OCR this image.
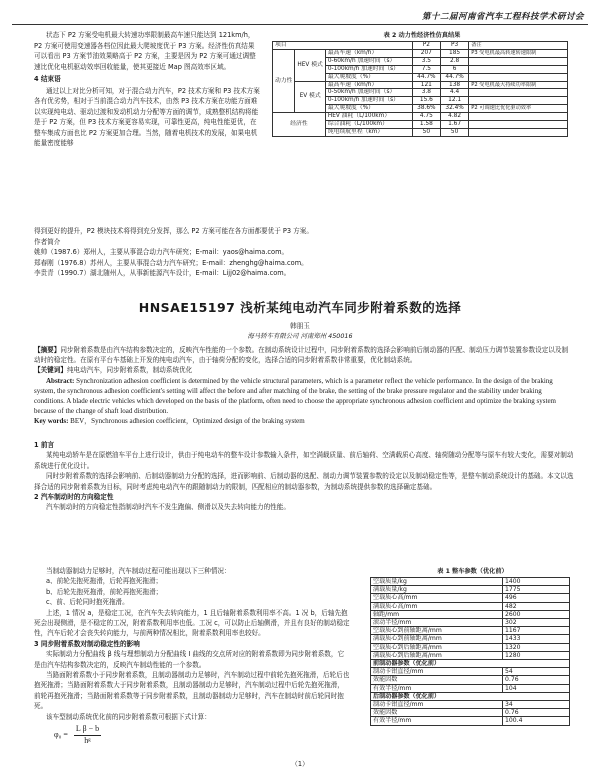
第十二届河南省汽车工程科技学术研讨会

状态下 P2 方案受电机最大转速功率限制最高车速只能达到 121km/h，P2 方案可使用变速器各档位因此最大爬坡度优于 P3 方案。经济性仿真结果可以看出 P3 方案节油效果略高于 P2 方案，主要是因为 P2 方案可通过调整速比优化电机驱动效率回收能量，使其更接近 Map 图高效率区域。

4 结束语

通过以上对比分析可知，对于混合动力汽车，P2 技术方案和 P3 技术方案各有优劣势，相对于当前混合动力汽车技术，由然 P3 技术方案在功能方面难以实现纯电动、驱动过渡和发动机动力分配等方面的调节，成熟整机结构将能是于 P2 方案，但 P3 技术方案更容易实现，可靠性更高，纯电性能更优，在整车集成方面也比 P2 方案更加合理。当然，随着电机技术的发展，如果电机能量密度能够

表 2 动力性经济性仿真结果
项目			P2	P3	备注
动力性	HEV 模式	最高车速（km/h）	207	185	P3 受电机最高转速转速限制
		0-60km/h 加速时间（s）	3.5	2.8	
		0-100km/h 加速时间（s）	7.5	6	
		最大爬坡度（%）	44.7%	44.7%	
	EV 模式	最高车速（km/h）	121	138	P2 受电机最大持续功率限制
		0-50km/h 加速时间（s）	3.8	4.4	
		0-100km/h 加速时间（s）	15.6	12.1	
		最大爬坡度（%）	38.6%	32.4%	P2 可调速比优化驱动效率
经济性		HEV 油耗（L/100km）	4.75	4.82	
		综合油耗（L/100km）	1.58	1.67	
		纯电续航里程（km）	50	50	

得到更好的提升，P2 模块技术将得到充分发挥，那么 P2 方案可能在各方面都要优于 P3 方案。

作者简介

姚帅（1987.6）郑州人，主要从事混合动力汽车研究；E-mail：yaos@haima.com。

郑春刚（1976.8）苏州人，主要从事混合动力汽车研究；E-mail：zhenghg@haima.com。

李贵青（1990.7）湖北随州人，从事新能源汽车设计，E-mail：Lijj02@haima.com。

HNSAE15197 浅析某纯电动汽车同步附着系数的选择
韩朋玉
海马轿车有限公司 河南郑州 450016

【摘要】同步附着系数是由汽车结构参数决定的，反映汽车性能的一个参数。在制动系统设计过程中，同步附着系数的选择会影响前后制动器的匹配、制动压力调节装置参数设定以及制动时的稳定性。在原有平台车基础上开发的纯电动汽车，由于轴荷分配的变化，选择合适的同步附着系数非常重要，优化制动系统。

【关键词】纯电动汽车，同步附着系数，制动系统优化

Abstract: Synchronization adhesion coefficient is determined by the vehicle structural parameters, which is a parameter reflect the vehicle performance. In the design of the braking system, the synchronous adhesion coefficient's setting will affect the before and after matching of the brake, the setting of the brake pressure regulator and the stability under braking conditions. A blade electric vehicles which developed on the basis of the platform, often need to choose the appropriate synchronous adhesion coefficient and optimize the braking system because of the change of shaft load distribution.

Key words: BEV，Synchronous adhesion coefficient，Optimized design of the braking system

1 前言

某纯电动轿车是在原燃油车平台上进行设计，供由于纯电动车的整车设计参数输入条件，如空满载质量、前后轴荷、空满载质心高度、轴荷随动分配等与原车有较大变化，需要对制动系统进行优化设计。

同时步附着系数的选择会影响前、后制动器制动力分配的选择，进而影响前、后制动器的选配、制动力调节装置参数的设定以及制动稳定性等，是整车制动系统设计的基础。本文以选择合适的同步附着系数为目标，同时考虑纯电动汽车的跟随制动力的限制，匹配相应的制动器参数，为制动系统提供参数的选择确定基础。

2 汽车制动时的方向稳定性

汽车制动时的方向稳定性指制动时汽车不发生跑偏、侧滑以及失去转向能力的性能。

当制动器制动力足够时，汽车制动过程可能出现以下三种情况：

a、前轮先抱死拖滑，后轮再抱死拖滑；

b、后轮先抱死拖滑，前轮再抱死拖滑；

c、前、后轮同时抱死拖滑。

上述，1 情况 a，是稳定工况，在汽车失去转向能力，1 且后轴附着系数利用率不高。1 况 b，后轴先抱死会出现侧滑，是不稳定的工况，附着系数利用率也低。工况 c，可以防止后轴侧滑，并且有良好的制动稳定性，汽车后轮才会丧失转向能力，与前两种情况相比，附着系数利用率也较好。

3 同步附着系数对制动稳定性的影响

实际制动力分配曲线 β 线与理想制动力分配曲线 I 曲线的交点所对应的附着系数即为同步附着系数，它是由汽车结构参数决定的，反映汽车制动性能的一个参数。

当路面附着系数小于同步附着系数，且制动器制动力足够时，汽车制动过程中前轮先抱死拖滑，后轮后也抱死拖滑；当路面附着系数大于同步附着系数，且制动器制动力足够时，汽车制动过程中后轮先抱死拖滑，前轮再抱死拖滑；当路面附着系数等于同步附着系数，且制动器制动力足够时，汽车在制动时前后轮同时抱死。

该车型制动系统优化前的同步附着系数可根据下式计算：

$\varphi_0 = \frac{\text{L β − b}}{\text{hᵍ}}$
表 1 整车参数（优化前）
空载质量/kg	1400
满载质量/kg	1775
空载质心高/mm	496
满载质心高/mm	482
轴距/mm	2600
滚动半径/mm	302
空载质心到前轴距离/mm	1167
满载质心到前轴距离/mm	1433
空载质心到后轴距离/mm	1320
满载质心到后轴距离/mm	1280
前制动器参数（优化前）	
制动卡钳直径/mm	54
效能因数	0.76
有效半径/mm	104
后制动器参数（优化前）	
制动卡钳直径/mm	34
效能因数	0.76
有效半径/mm	100.4
（1）
